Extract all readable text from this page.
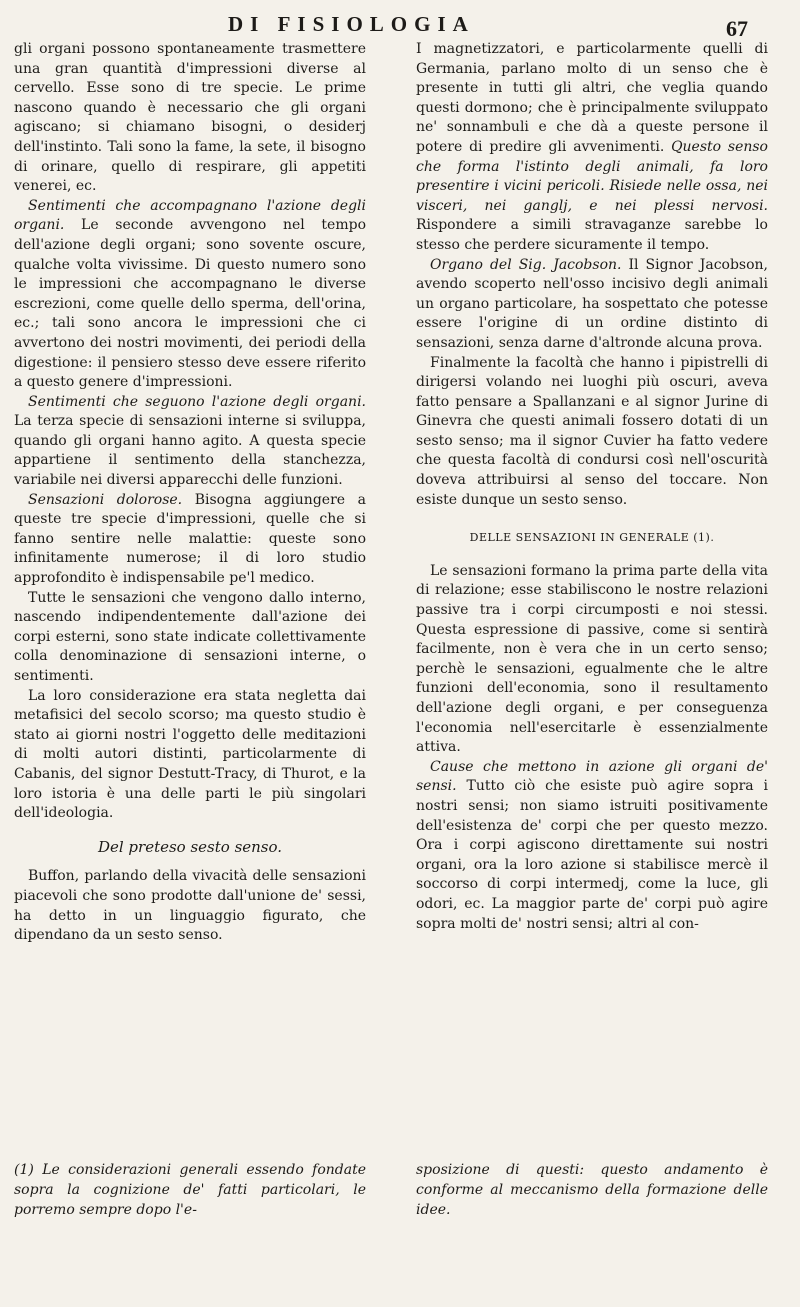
DI FISIOLOGIA	67

gli organi possono spontaneamente trasmettere una gran quantità d'impressioni diverse al cervello. Esse sono di tre specie. Le prime nascono quando è necessario che gli organi agiscano; si chiamano bisogni, o desiderj dell'instinto. Tali sono la fame, la sete, il bisogno di orinare, quello di respirare, gli appetiti venerei, ec.

Sentimenti che accompagnano l'azione degli organi. Le seconde avvengono nel tempo dell'azione degli organi; sono sovente oscure, qualche volta vivissime. Di questo numero sono le impressioni che accompagnano le diverse escrezioni, come quelle dello sperma, dell'orina, ec.; tali sono ancora le impressioni che ci avvertono dei nostri movimenti, dei periodi della digestione: il pensiero stesso deve essere riferito a questo genere d'impressioni.

Sentimenti che seguono l'azione degli organi. La terza specie di sensazioni interne si sviluppa, quando gli organi hanno agito. A questa specie appartiene il sentimento della stanchezza, variabile nei diversi apparecchi delle funzioni.

Sensazioni dolorose. Bisogna aggiungere a queste tre specie d'impressioni, quelle che si fanno sentire nelle malattie: queste sono infinitamente numerose; il di loro studio approfondito è indispensabile pe'l medico.

Tutte le sensazioni che vengono dallo interno, nascendo indipendentemente dall'azione dei corpi esterni, sono state indicate collettivamente colla denominazione di sensazioni interne, o sentimenti.

La loro considerazione era stata negletta dai metafisici del secolo scorso; ma questo studio è stato ai giorni nostri l'oggetto delle meditazioni di molti autori distinti, particolarmente di Cabanis, del signor Destutt-Tracy, di Thurot, e la loro istoria è una delle parti le più singolari dell'ideologia.

Del preteso sesto senso.

Buffon, parlando della vivacità delle sensazioni piacevoli che sono prodotte dall'unione de' sessi, ha detto in un linguaggio figurato, che dipendano da un sesto senso.

I magnetizzatori, e particolarmente quelli di Germania, parlano molto di un senso che è presente in tutti gli altri, che veglia quando questi dormono; che è principalmente sviluppato ne' sonnambuli e che dà a queste persone il potere di predire gli avvenimenti. Questo senso che forma l'istinto degli animali, fa loro presentire i vicini pericoli. Risiede nelle ossa, nei visceri, nei ganglj, e nei plessi nervosi. Rispondere a simili stravaganze sarebbe lo stesso che perdere sicuramente il tempo.

Organo del Sig. Jacobson. Il Signor Jacobson, avendo scoperto nell'osso incisivo degli animali un organo particolare, ha sospettato che potesse essere l'origine di un ordine distinto di sensazioni, senza darne d'altronde alcuna prova.

Finalmente la facoltà che hanno i pipistrelli di dirigersi volando nei luoghi più oscuri, aveva fatto pensare a Spallanzani e al signor Jurine di Ginevra che questi animali fossero dotati di un sesto senso; ma il signor Cuvier ha fatto vedere che questa facoltà di condursi così nell'oscurità doveva attribuirsi al senso del toccare. Non esiste dunque un sesto senso.

DELLE SENSAZIONI IN GENERALE (1).

Le sensazioni formano la prima parte della vita di relazione; esse stabiliscono le nostre relazioni passive tra i corpi circumposti e noi stessi. Questa espressione di passive, come si sentirà facilmente, non è vera che in un certo senso; perchè le sensazioni, egualmente che le altre funzioni dell'economia, sono il resultamento dell'azione degli organi, e per conseguenza l'economia nell'esercitarle è essenzialmente attiva.

Cause che mettono in azione gli organi de' sensi. Tutto ciò che esiste può agire sopra i nostri sensi; non siamo istruiti positivamente dell'esistenza de' corpi che per questo mezzo. Ora i corpi agiscono direttamente sui nostri organi, ora la loro azione si stabilisce mercè il soccorso di corpi intermedj, come la luce, gli odori, ec. La maggior parte de' corpi può agire sopra molti de' nostri sensi; altri al con-

(1) Le considerazioni generali essendo fondate sopra la cognizione de' fatti particolari, le porremo sempre dopo l'e-
sposizione di questi: questo andamento è conforme al meccanismo della formazione delle idee.
